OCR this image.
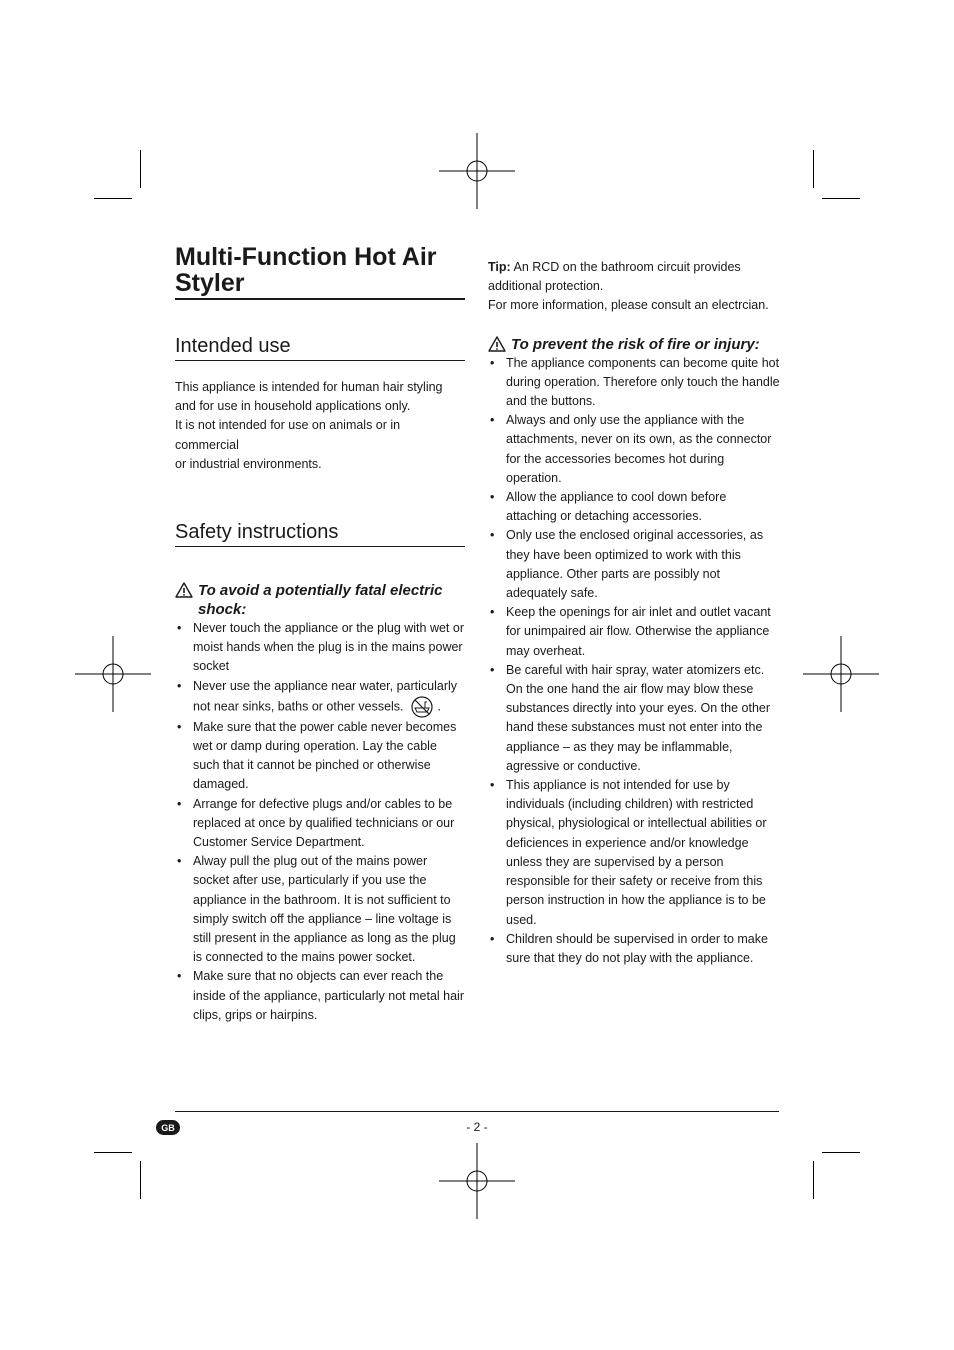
Multi-Function Hot Air Styler
Intended use

This appliance is intended for human hair styling

and for use in household applications only.

It is not intended for use on animals or in commercial

or industrial environments.

Safety instructions
To avoid a potentially fatal electric shock:
• Never touch the appliance or the plug with wet or moist hands when the plug is in the mains power socket
• Never use the appliance near water, particularly not near sinks, baths or other vessels.	.
• Make sure that the power cable never becomes wet or damp during operation. Lay the cable such that it cannot be pinched or otherwise damaged.
• Arrange for defective plugs and/or cables to be replaced at once by qualified technicians or our Customer Service Department.
• Alway pull the plug out of the mains power socket after use, particularly if you use the appliance in the bathroom. It is not sufficient to simply switch off the appliance – line voltage is still present in the appliance as long as the plug is connected to the mains power socket.
• Make sure that no objects can ever reach the inside of the appliance, particularly not metal hair clips, grips or hairpins.

Tip: An RCD on the bathroom circuit provides additional protection.

For more information, please consult an electrcian.

To prevent the risk of fire or injury:
• The appliance components can become quite hot during operation. Therefore only touch the handle and the buttons.
• Always and only use the appliance with the attachments, never on its own, as the connector for the accessories becomes hot during operation.
• Allow the appliance to cool down before attaching or detaching accessories.
• Only use the enclosed original accessories, as they have been optimized to work with this appliance. Other parts are possibly not adequately safe.
• Keep the openings for air inlet and outlet vacant for unimpaired air flow. Otherwise the appliance may overheat.
• Be careful with hair spray, water atomizers etc. On the one hand the air flow may blow these substances directly into your eyes. On the other hand these substances must not enter into the appliance – as they may be inflammable, agressive or conductive.
• This appliance is not intended for use by individuals (including children) with restricted physical, physiological or intellectual abilities or deficiences in experience and/or knowledge unless they are supervised by a person responsible for their safety or receive from this person instruction in how the appliance is to be used.
• Children should be supervised in order to make sure that they do not play with the appliance.
GB	- 2 -
